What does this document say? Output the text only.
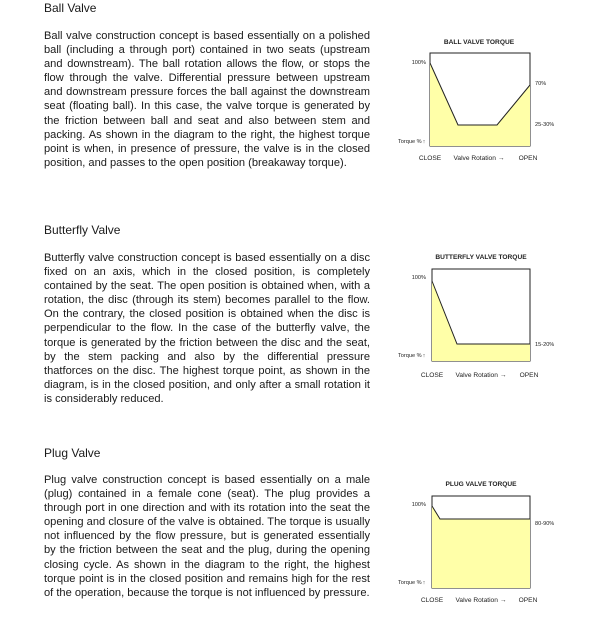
Ball Valve
Ball valve construction concept is based essentially on a polished ball (including a through port) contained in two seats (upstream and downstream). The ball rotation allows the flow, or stops the flow through the valve. Differential pressure between upstream and downstream pressure forces the ball against the downstream seat (floating ball). In this case, the valve torque is generated by the friction between ball and seat and also between stem and packing. As shown in the diagram to the right, the highest torque point is when, in presence of pressure, the valve is in the closed position, and passes to the open position (breakaway torque).
BALL VALVE TORQUE
100%
70%
25-30%
Torque %↑
CLOSE Valve Rotation → OPEN
Butterfly Valve
Butterfly valve construction concept is based essentially on a disc fixed on an axis, which in the closed position, is completely contained by the seat. The open position is obtained when, with a rotation, the disc (through its stem) becomes parallel to the flow. On the contrary, the closed position is obtained when the disc is perpendicular to the flow. In the case of the butterfly valve, the torque is generated by the friction between the disc and the seat, by the stem packing and also by the differential pressure thatforces on the disc. The highest torque point, as shown in the diagram, is in the closed position, and only after a small rotation it is considerably reduced.
BUTTERFLY VALVE TORQUE
100%
15-20%
Torque %↑
CLOSE Valve Rotation → OPEN
Plug Valve
Plug valve construction concept is based essentially on a male (plug) contained in a female cone (seat). The plug provides a through port in one direction and with its rotation into the seat the opening and closure of the valve is obtained. The torque is usually not influenced by the flow pressure, but is generated essentially by the friction between the seat and the plug, during the opening closing cycle. As shown in the diagram to the right, the highest torque point is in the closed position and remains high for the rest of the operation, because the torque is not influenced by pressure.
PLUG VALVE TORQUE
100%
80-90%
Torque %↑
CLOSE Valve Rotation → OPEN
